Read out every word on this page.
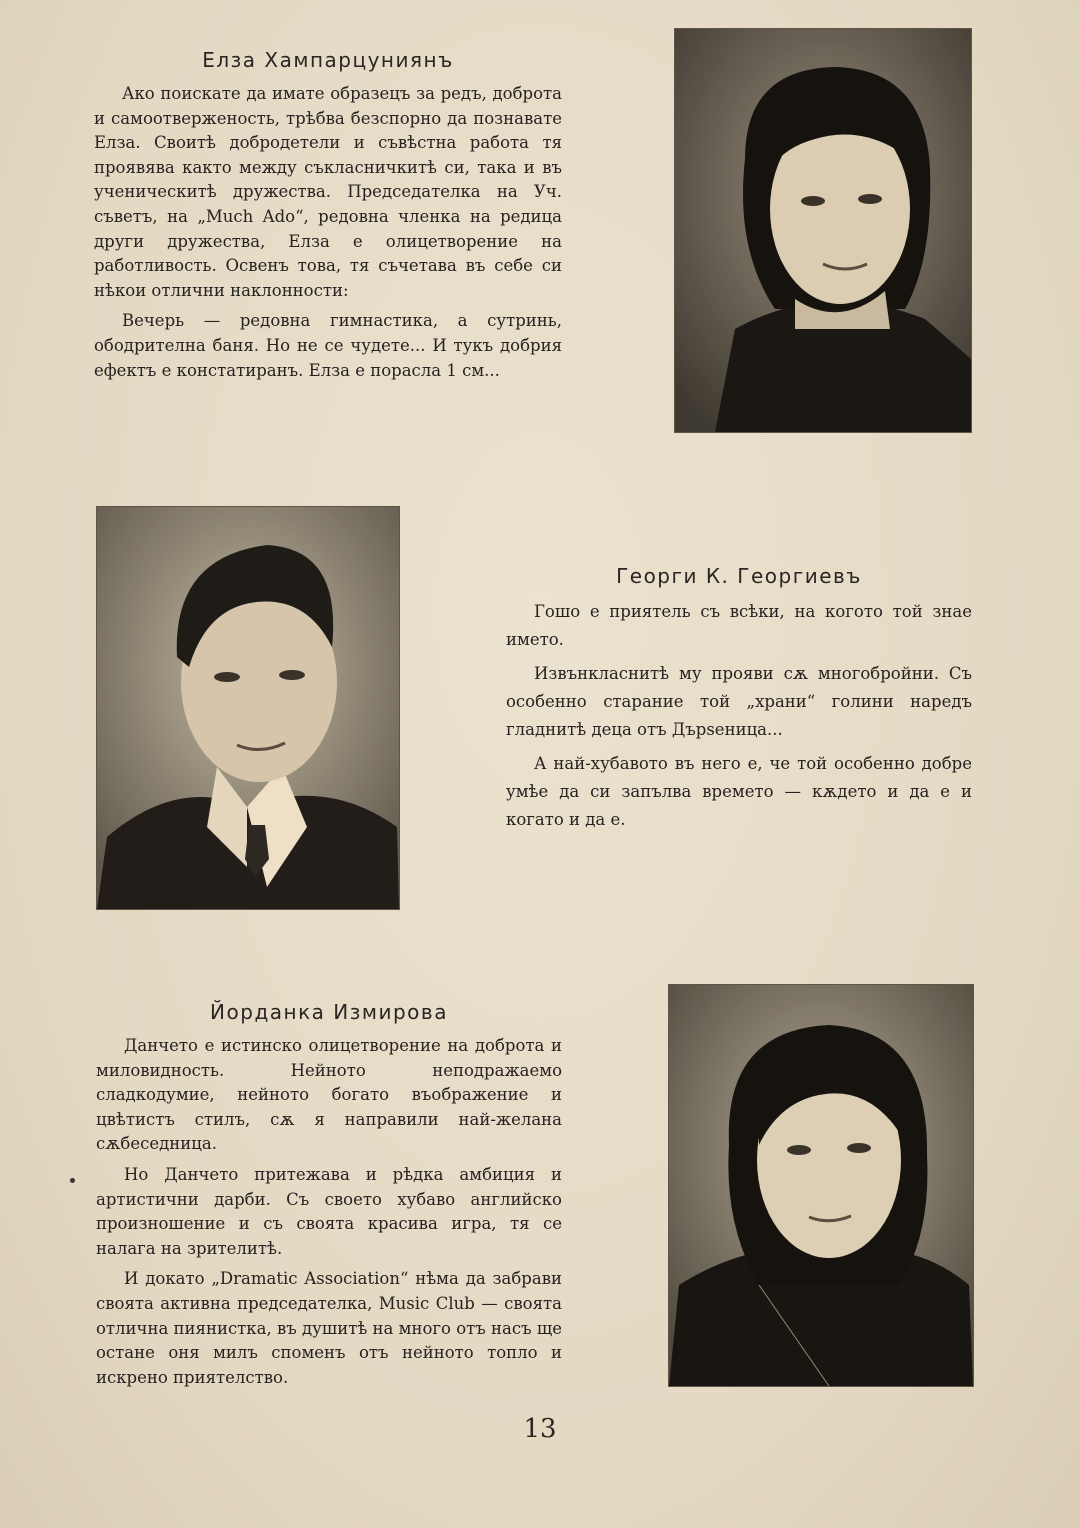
Елза Хампарцуниянъ

Ако поискате да имате образецъ за редъ, доброта и самоотверженость, трѣбва безспорно да познавате Елза. Своитѣ добродетели и съвѣстна работа тя проявява както между съкласничкитѣ си, така и въ ученическитѣ дружества. Председателка на Уч. съветъ, на „Much Ado“, редовна членка на редица други дружества, Елза е олицетворение на работливость. Освенъ това, тя съчетава въ себе си нѣкои отлични наклонности:

Вечерь — редовна гимнастика, а сутринь, ободрителна баня. Но не се чудете... И тукъ добрия ефектъ е констатиранъ. Елза е порасла 1 см...

Георги К. Георгиевъ

Гошо е приятель съ всѣки, на когото той знае името.

Извънкласнитѣ му прояви сѫ многобройни. Съ особенно старание той „храни“ голини наредъ гладнитѣ деца отъ Дърsеница...

А най-хубавото въ него е, че той особенно добре умѣе да си запълва времето — кѫдето и да е и когато и да е.

Йорданка Измирова

Данчето е истинско олицетворение на доброта и миловидность. Нейното неподражаемо сладкодумие, нейното богато въображение и цвѣтистъ стилъ, сѫ я направили най-желана сѫбеседница.

Но Данчето притежава и рѣдка амбиция и артистични дарби. Съ своето хубаво английско произношение и съ своята красива игра, тя се налага на зрителитѣ.

И докато „Dramatic Association“ нѣма да забрави своята активна председателка, Music Club — своята отлична пиянистка, въ душитѣ на много отъ насъ ще остане оня милъ споменъ отъ нейното топло и искрено приятелство.

13
